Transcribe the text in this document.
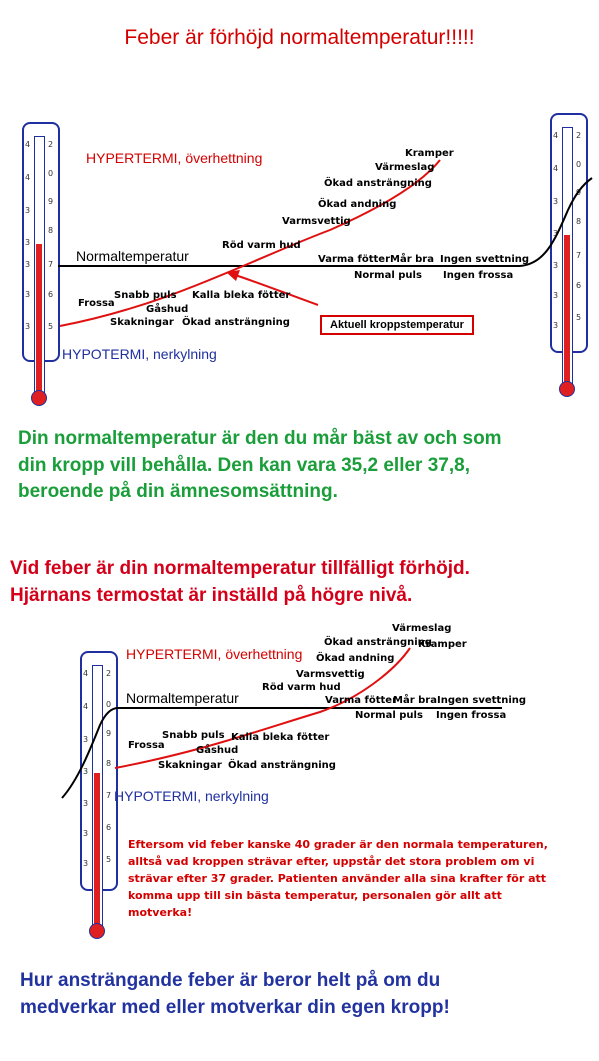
Feber är förhöjd normaltemperatur!!!!!
4
4
3
3
3
3
3
2
0
9
8
7
6
5
4
4
3
3
3
3
3
2
0
9
8
7
6
5
HYPERTERMI, överhettning
HYPOTERMI, nerkylning
Normaltemperatur
Kramper
Värmeslag
Ökad ansträngning
Ökad andning
Varmsvettig
Röd varm hud
Varma fötter Mår bra Ingen svettning
Normal puls Ingen frossa
Frossa
Snabb puls
Gåshud
Kalla bleka fötter
Skakningar Ökad ansträngning	Aktuell kroppstemperatur
Din normaltemperatur är den du mår bäst av och som
din kropp vill behålla. Den kan vara 35,2 eller 37,8,
beroende på din ämnesomsättning.
Vid feber är din normaltemperatur tillfälligt förhöjd.
Hjärnans termostat är inställd på högre nivå.
4
4
3
3
3
3
3
2
0
9
8
7
6
5
HYPERTERMI, överhettning
HYPOTERMI, nerkylning
Normaltemperatur
Värmeslag
Kramper
Ökad ansträngning
Ökad andning
Varmsvettig
Röd varm hud
Varma fötter
Mår bra Ingen svettning
Normal puls Ingen frossa
Frossa
Snabb puls
Gåshud
Kalla bleka fötter
Skakningar Ökad ansträngning
Eftersom vid feber kanske 40 grader är den normala temperaturen,
alltså vad kroppen strävar efter, uppstår det stora problem om vi
strävar efter 37 grader. Patienten använder alla sina krafter för att
komma upp till sin bästa temperatur, personalen gör allt att
motverka!
Hur ansträngande feber är beror helt på om du
medverkar med eller motverkar din egen kropp!
